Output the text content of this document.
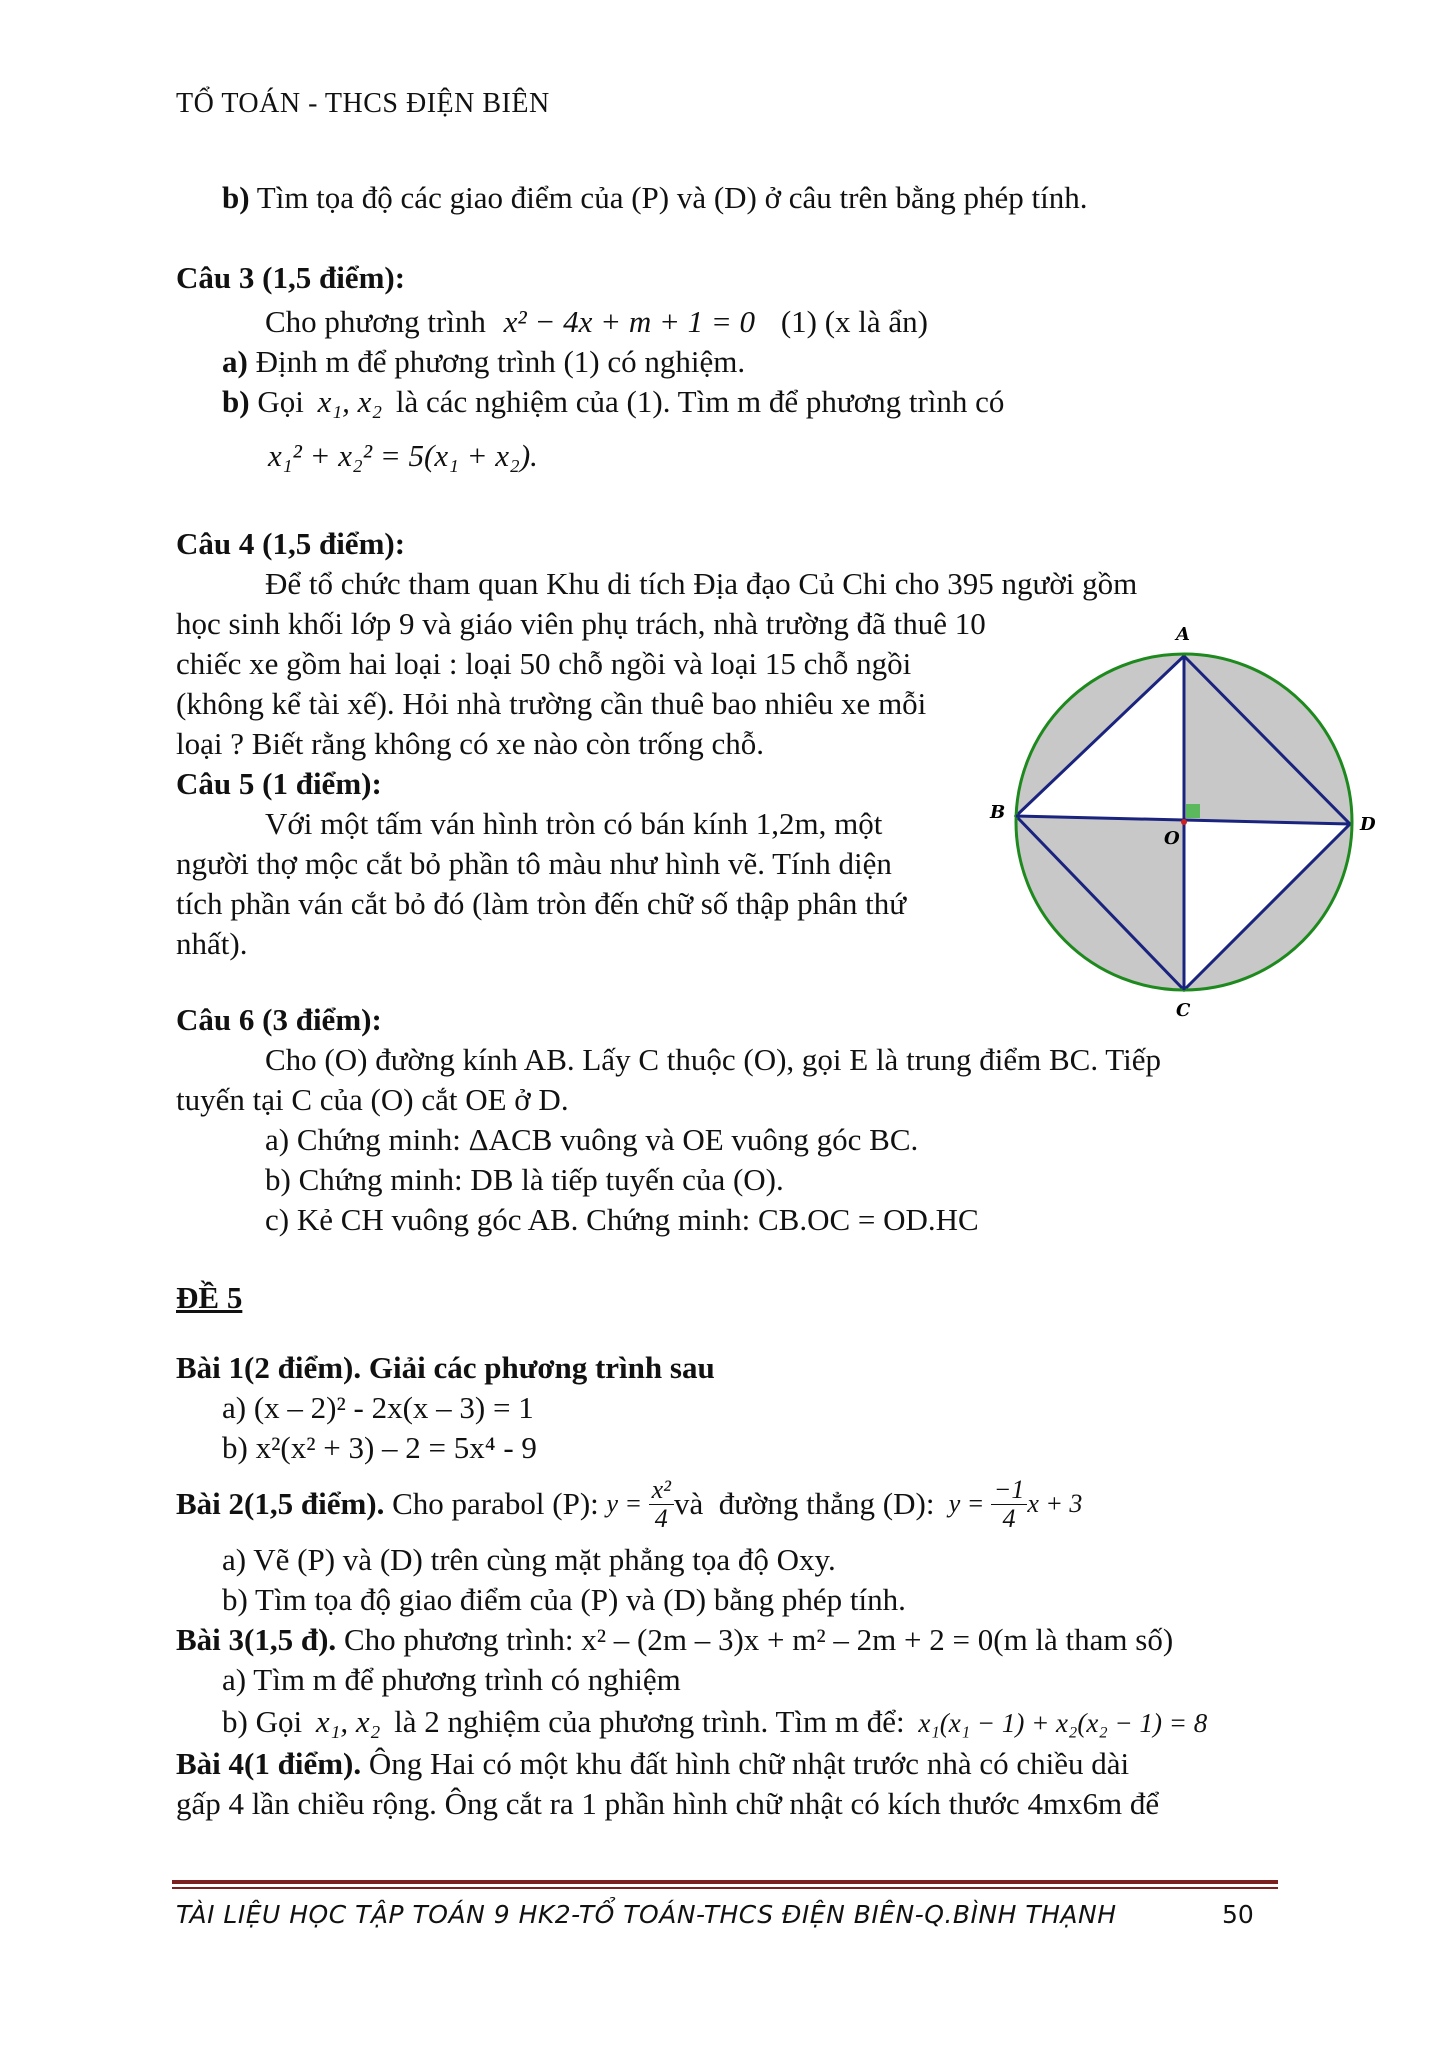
TỔ TOÁN - THCS ĐIỆN BIÊN
b) Tìm tọa độ các giao điểm của (P) và (D) ở câu trên bằng phép tính.
Câu 3 (1,5 điểm):
Cho phương trình x² − 4x + m + 1 = 0 (1) (x là ẩn)
a) Định m để phương trình (1) có nghiệm.
b) Gọi x₁, x₂ là các nghiệm của (1). Tìm m để phương trình có
x₁² + x₂² = 5(x₁ + x₂).
Câu 4 (1,5 điểm):
Để tổ chức tham quan Khu di tích Địa đạo Củ Chi cho 395 người gồm
học sinh khối lớp 9 và giáo viên phụ trách, nhà trường đã thuê 10
chiếc xe gồm hai loại : loại 50 chỗ ngồi và loại 15 chỗ ngồi
(không kể tài xế). Hỏi nhà trường cần thuê bao nhiêu xe mỗi
loại ? Biết rằng không có xe nào còn trống chỗ.
Câu 5 (1 điểm):
Với một tấm ván hình tròn có bán kính 1,2m, một
người thợ mộc cắt bỏ phần tô màu như hình vẽ. Tính diện
tích phần ván cắt bỏ đó (làm tròn đến chữ số thập phân thứ
nhất).
A
B
D
O
C
Câu 6 (3 điểm):
Cho (O) đường kính AB. Lấy C thuộc (O), gọi E là trung điểm BC. Tiếp
tuyến tại C của (O) cắt OE ở D.
a) Chứng minh: ΔACB vuông và OE vuông góc BC.
b) Chứng minh: DB là tiếp tuyến của (O).
c) Kẻ CH vuông góc AB. Chứng minh: CB.OC = OD.HC
ĐỀ 5
Bài 1(2 điểm). Giải các phương trình sau
a) (x – 2)² - 2x(x – 3) = 1
b) x²(x² + 3) – 2 = 5x⁴ - 9
Bài 2(1,5 điểm). Cho parabol (P): $y = \frac{\text{x²}}{4}$ và  đường thẳng (D): $y = \frac{-1}{4}$ x + 3
a) Vẽ (P) và (D) trên cùng mặt phẳng tọa độ Oxy.
b) Tìm tọa độ giao điểm của (P) và (D) bằng phép tính.
Bài 3(1,5 đ). Cho phương trình: x² – (2m – 3)x + m² – 2m + 2 = 0(m là tham số)
a) Tìm m để phương trình có nghiệm
b) Gọi x₁, x₂ là 2 nghiệm của phương trình. Tìm m để: x₁(x₁ − 1) + x₂(x₂ − 1) = 8
Bài 4(1 điểm). Ông Hai có một khu đất hình chữ nhật trước nhà có chiều dài
gấp 4 lần chiều rộng. Ông cắt ra 1 phần hình chữ nhật có kích thước 4mx6m để
TÀI LIỆU HỌC TẬP TOÁN 9 HK2-TỔ TOÁN-THCS ĐIỆN BIÊN-Q.BÌNH THẠNH	50
